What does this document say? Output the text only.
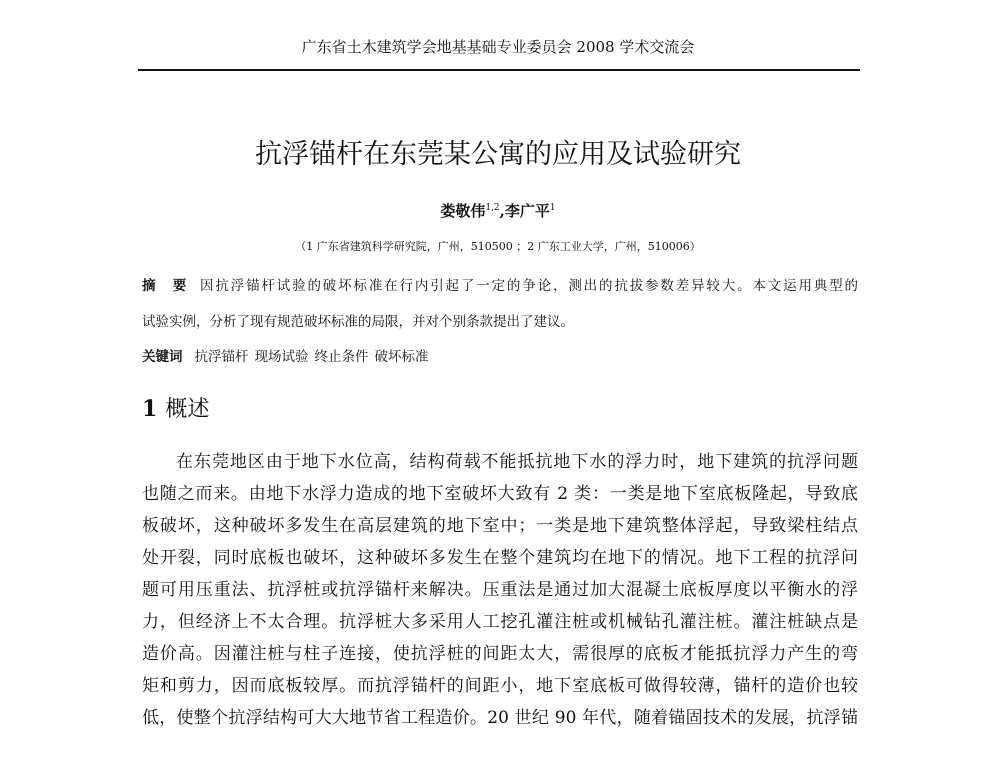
广东省土木建筑学会地基基础专业委员会 2008 学术交流会
抗浮锚杆在东莞某公寓的应用及试验研究
娄敬伟$^{1,2}$,李广平$^1$
（1 广东省建筑科学研究院，广州，510500 ；2 广东工业大学，广州，510006）
摘　要 因抗浮锚杆试验的破坏标准在行内引起了一定的争论，测出的抗拔参数差异较大。本文运用典型的
试验实例，分析了现有规范破坏标准的局限，并对个别条款提出了建议。
关键词 抗浮锚杆 现场试验 终止条件 破坏标准
1 概述
在东莞地区由于地下水位高，结构荷载不能抵抗地下水的浮力时，地下建筑的抗浮问题
也随之而来。由地下水浮力造成的地下室破坏大致有 2 类：一类是地下室底板隆起，导致底
板破坏，这种破坏多发生在高层建筑的地下室中；一类是地下建筑整体浮起，导致梁柱结点
处开裂，同时底板也破坏，这种破坏多发生在整个建筑均在地下的情况。地下工程的抗浮问
题可用压重法、抗浮桩或抗浮锚杆来解决。压重法是通过加大混凝土底板厚度以平衡水的浮
力，但经济上不太合理。抗浮桩大多采用人工挖孔灌注桩或机械钻孔灌注桩。灌注桩缺点是
造价高。因灌注桩与柱子连接，使抗浮桩的间距太大，需很厚的底板才能抵抗浮力产生的弯
矩和剪力，因而底板较厚。而抗浮锚杆的间距小，地下室底板可做得较薄，锚杆的造价也较
低，使整个抗浮结构可大大地节省工程造价。20 世纪 90 年代，随着锚固技术的发展，抗浮锚
